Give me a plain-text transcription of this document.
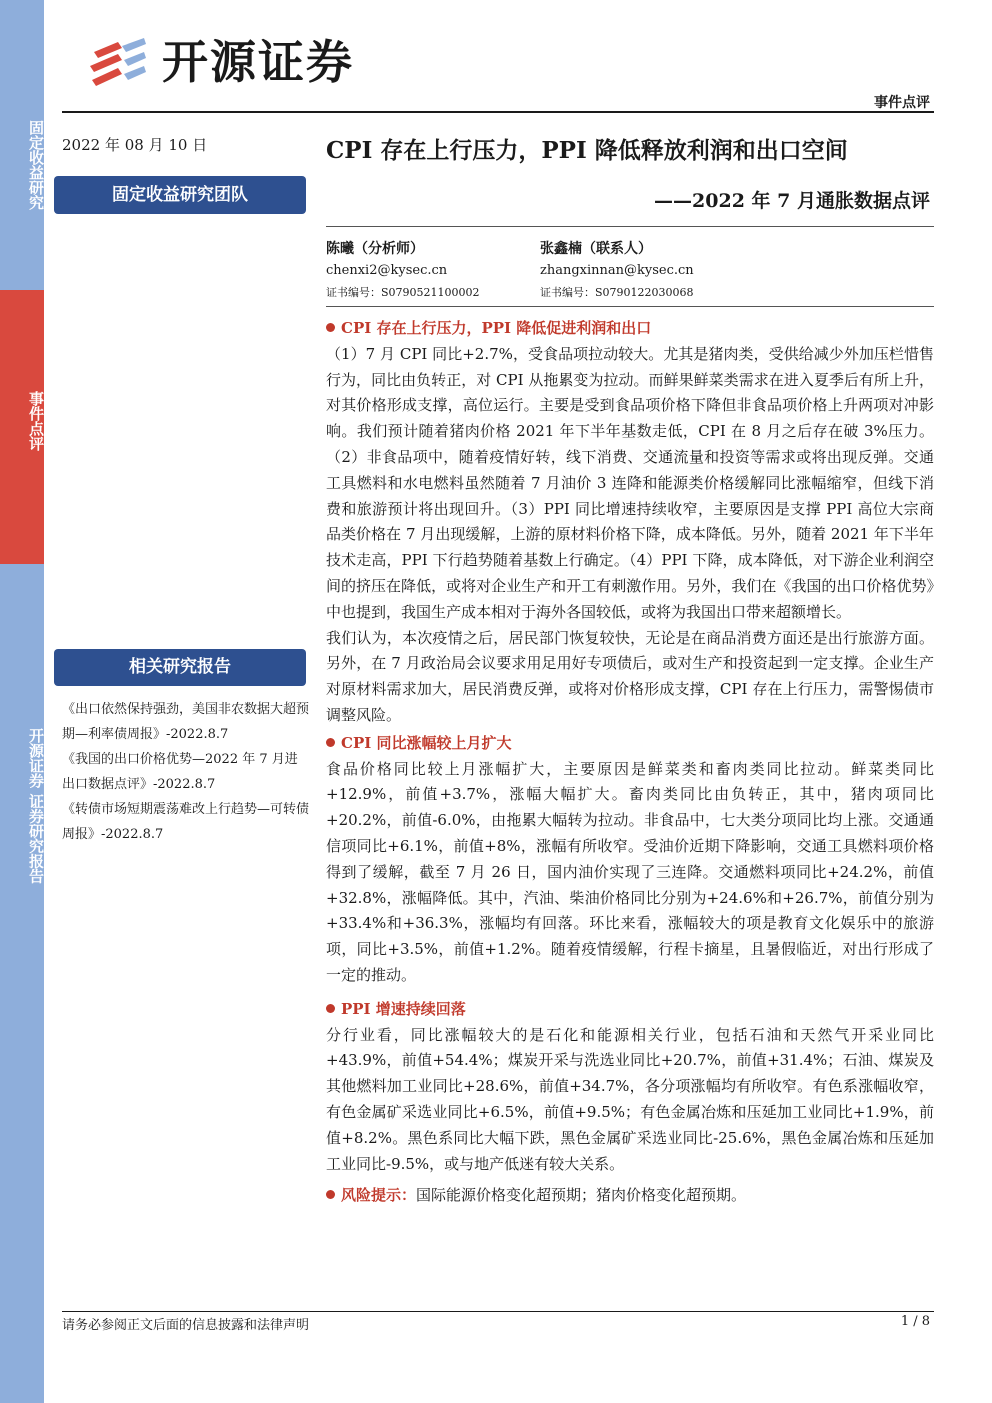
固定收益研究
事件点评
开源证券 证券研究报告
开源证券
事件点评
2022 年 08 月 10 日
固定收益研究团队
相关研究报告
《出口依然保持强劲，美国非农数据大超预期—利率债周报》-2022.8.7
《我国的出口价格优势—2022 年 7 月进出口数据点评》-2022.8.7
《转债市场短期震荡难改上行趋势—可转债周报》-2022.8.7
CPI 存在上行压力，PPI 降低释放利润和出口空间
——2022 年 7 月通胀数据点评
陈曦（分析师）
chenxi2@kysec.cn
证书编号：S0790521100002
张鑫楠（联系人）
zhangxinnan@kysec.cn
证书编号：S0790122030068
CPI 存在上行压力，PPI 降低促进利润和出口

（1）7 月 CPI 同比+2.7%，受食品项拉动较大。尤其是猪肉类，受供给减少外加压栏惜售行为，同比由负转正，对 CPI 从拖累变为拉动。而鲜果鲜菜类需求在进入夏季后有所上升，对其价格形成支撑，高位运行。主要是受到食品项价格下降但非食品项价格上升两项对冲影响。我们预计随着猪肉价格 2021 年下半年基数走低，CPI 在 8 月之后存在破 3%压力。（2）非食品项中，随着疫情好转，线下消费、交通流量和投资等需求或将出现反弹。交通工具燃料和水电燃料虽然随着 7 月油价 3 连降和能源类价格缓解同比涨幅缩窄，但线下消费和旅游预计将出现回升。（3）PPI 同比增速持续收窄，主要原因是支撑 PPI 高位大宗商品类价格在 7 月出现缓解，上游的原材料价格下降，成本降低。另外，随着 2021 年下半年技术走高，PPI 下行趋势随着基数上行确定。（4）PPI 下降，成本降低，对下游企业利润空间的挤压在降低，或将对企业生产和开工有刺激作用。另外，我们在《我国的出口价格优势》中也提到，我国生产成本相对于海外各国较低，或将为我国出口带来超额增长。

我们认为，本次疫情之后，居民部门恢复较快，无论是在商品消费方面还是出行旅游方面。另外，在 7 月政治局会议要求用足用好专项债后，或对生产和投资起到一定支撑。企业生产对原材料需求加大，居民消费反弹，或将对价格形成支撑，CPI 存在上行压力，需警惕债市调整风险。

CPI 同比涨幅较上月扩大

食品价格同比较上月涨幅扩大，主要原因是鲜菜类和畜肉类同比拉动。鲜菜类同比+12.9%，前值+3.7%，涨幅大幅扩大。畜肉类同比由负转正，其中，猪肉项同比+20.2%，前值-6.0%，由拖累大幅转为拉动。非食品中，七大类分项同比均上涨。交通通信项同比+6.1%，前值+8%，涨幅有所收窄。受油价近期下降影响，交通工具燃料项价格得到了缓解，截至 7 月 26 日，国内油价实现了三连降。交通燃料项同比+24.2%，前值+32.8%，涨幅降低。其中，汽油、柴油价格同比分别为+24.6%和+26.7%，前值分别为+33.4%和+36.3%，涨幅均有回落。环比来看，涨幅较大的项是教育文化娱乐中的旅游项，同比+3.5%，前值+1.2%。随着疫情缓解，行程卡摘星，且暑假临近，对出行形成了一定的推动。

PPI 增速持续回落

分行业看，同比涨幅较大的是石化和能源相关行业，包括石油和天然气开采业同比+43.9%，前值+54.4%；煤炭开采与洗选业同比+20.7%，前值+31.4%；石油、煤炭及其他燃料加工业同比+28.6%，前值+34.7%，各分项涨幅均有所收窄。有色系涨幅收窄，有色金属矿采选业同比+6.5%，前值+9.5%；有色金属冶炼和压延加工业同比+1.9%，前值+8.2%。黑色系同比大幅下跌，黑色金属矿采选业同比-25.6%，黑色金属冶炼和压延加工业同比-9.5%，或与地产低迷有较大关系。

风险提示：国际能源价格变化超预期；猪肉价格变化超预期。
请务必参阅正文后面的信息披露和法律声明	1 / 8
